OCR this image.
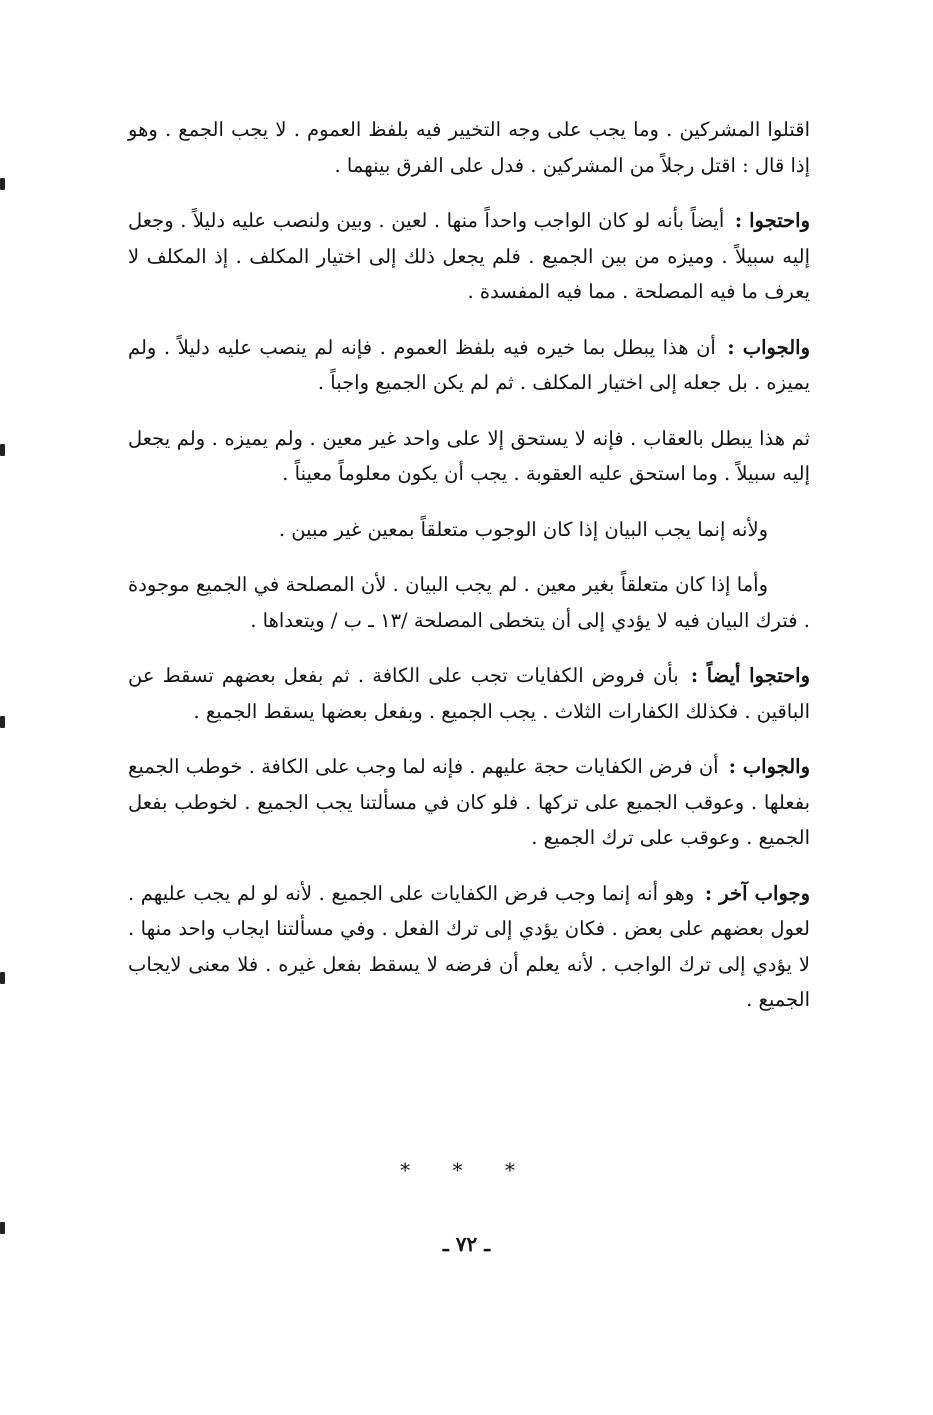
اقتلوا المشركين . وما يجب على وجه التخيير فيه بلفظ العموم . لا يجب الجمع . وهو إذا قال : اقتل رجلاً من المشركين . فدل على الفرق بينهما .

واحتجوا : أيضاً بأنه لو كان الواجب واحداً منها . لعين . وبين ولنصب عليه دليلاً . وجعل إليه سبيلاً . وميزه من بين الجميع . فلم يجعل ذلك إلى اختيار المكلف . إذ المكلف لا يعرف ما فيه المصلحة . مما فيه المفسدة .

والجواب : أن هذا يبطل بما خيره فيه بلفظ العموم . فإنه لم ينصب عليه دليلاً . ولم يميزه . بل جعله إلى اختيار المكلف . ثم لم يكن الجميع واجباً .

ثم هذا يبطل بالعقاب . فإنه لا يستحق إلا على واحد غير معين . ولم يميزه . ولم يجعل إليه سبيلاً . وما استحق عليه العقوبة . يجب أن يكون معلوماً معيناً .

ولأنه إنما يجب البيان إذا كان الوجوب متعلقاً بمعين غير مبين .

وأما إذا كان متعلقاً بغير معين . لم يجب البيان . لأن المصلحة في الجميع موجودة . فترك البيان فيه لا يؤدي إلى أن يتخطى المصلحة /١٣ ـ ب / ويتعداها .

واحتجوا أيضاً : بأن فروض الكفايات تجب على الكافة . ثم بفعل بعضهم تسقط عن الباقين . فكذلك الكفارات الثلاث . يجب الجميع . وبفعل بعضها يسقط الجميع .

والجواب : أن فرض الكفايات حجة عليهم . فإنه لما وجب على الكافة . خوطب الجميع بفعلها . وعوقب الجميع على تركها . فلو كان في مسألتنا يجب الجميع . لخوطب بفعل الجميع . وعوقب على ترك الجميع .

وجواب آخر : وهو أنه إنما وجب فرض الكفايات على الجميع . لأنه لو لم يجب عليهم . لعول بعضهم على بعض . فكان يؤدي إلى ترك الفعل . وفي مسألتنا ايجاب واحد منها . لا يؤدي إلى ترك الواجب . لأنه يعلم أن فرضه لا يسقط بفعل غيره . فلا معنى لايجاب الجميع .

* * *
ـ ٧٢ ـ
